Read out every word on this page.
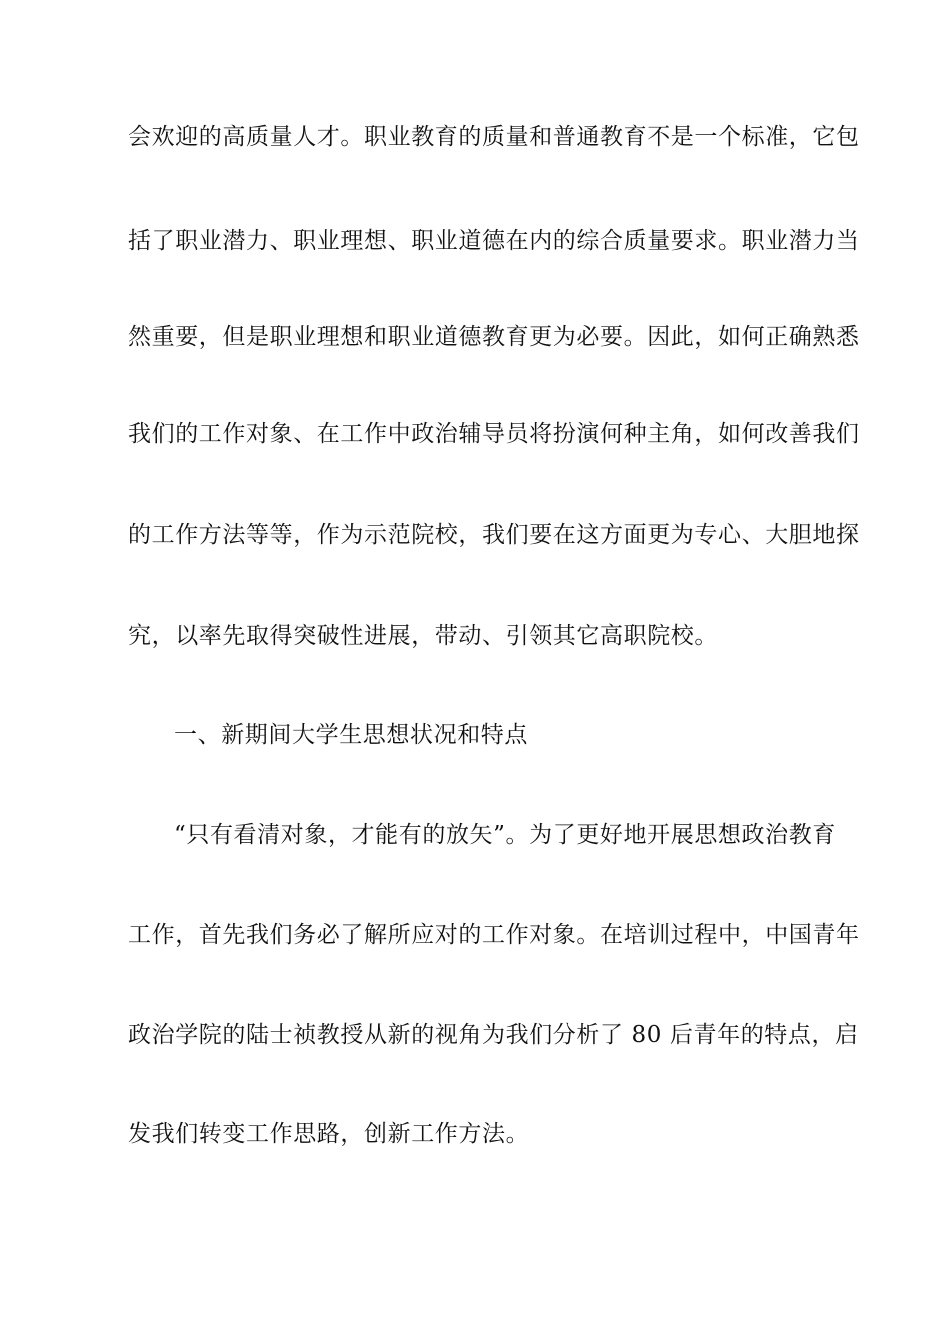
会欢迎的高质量人才。职业教育的质量和普通教育不是一个标准，它包
括了职业潜力、职业理想、职业道德在内的综合质量要求。职业潜力当
然重要，但是职业理想和职业道德教育更为必要。因此，如何正确熟悉
我们的工作对象、在工作中政治辅导员将扮演何种主角，如何改善我们
的工作方法等等，作为示范院校，我们要在这方面更为专心、大胆地探
究，以率先取得突破性进展，带动、引领其它高职院校。
一、新期间大学生思想状况和特点
“只有看清对象，才能有的放矢”。为了更好地开展思想政治教育
工作，首先我们务必了解所应对的工作对象。在培训过程中，中国青年
政治学院的陆士祯教授从新的视角为我们分析了 80 后青年的特点，启
发我们转变工作思路，创新工作方法。
